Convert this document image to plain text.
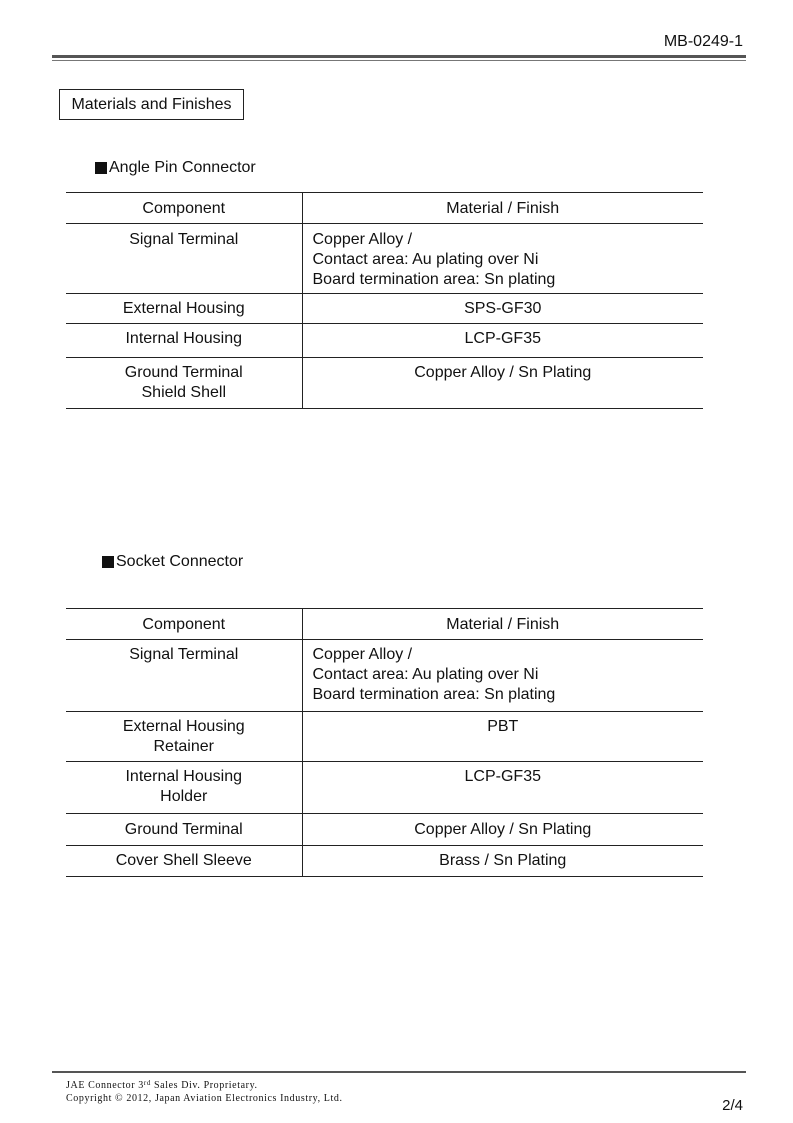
MB-0249-1
Materials and Finishes
Angle Pin Connector
Component	Material / Finish

Signal Terminal	Copper Alloy /
Contact area: Au plating over Ni
Board termination area: Sn plating

External Housing	SPS-GF30

Internal Housing	LCP-GF35

Ground Terminal
Shield Shell	Copper Alloy / Sn Plating
Socket Connector
Component	Material / Finish

Signal Terminal	Copper Alloy /
Contact area: Au plating over Ni
Board termination area: Sn plating

External Housing
Retainer	PBT

Internal Housing
Holder	LCP-GF35

Ground Terminal	Copper Alloy / Sn Plating

Cover Shell Sleeve	Brass / Sn Plating
JAE Connector 3rd Sales Div. Proprietary.
Copyright © 2012, Japan Aviation Electronics Industry, Ltd.	2/4
